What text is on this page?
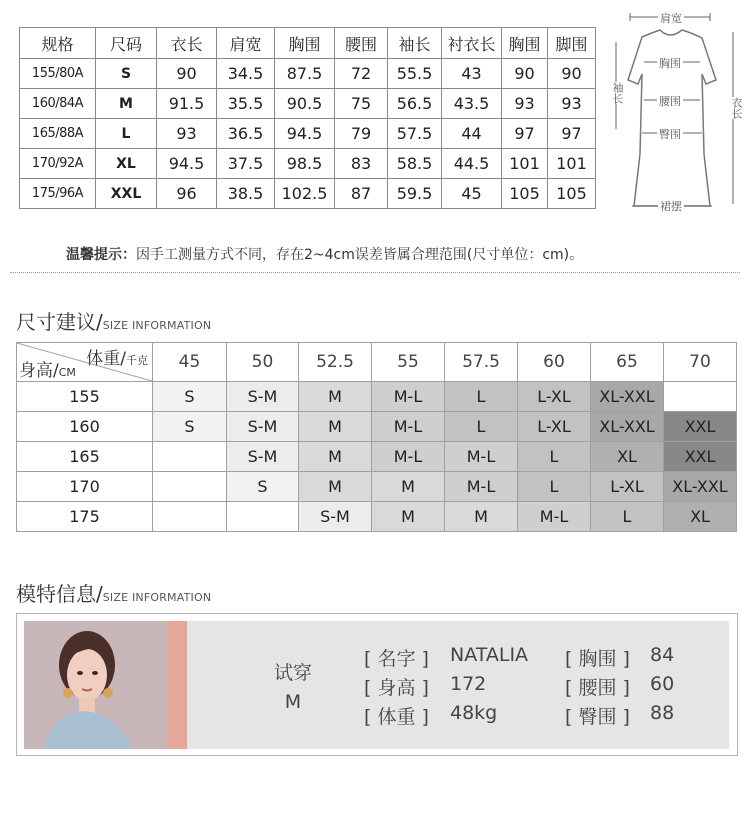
规格	尺码	衣长	肩宽	胸围	腰围	袖长	衬衣长	胸围	脚围
155/80A	S	90	34.5	87.5	72	55.5	43	90	90
160/84A	M	91.5	35.5	90.5	75	56.5	43.5	93	93
165/88A	L	93	36.5	94.5	79	57.5	44	97	97
170/92A	XL	94.5	37.5	98.5	83	58.5	44.5	101	101
175/96A	XXL	96	38.5	102.5	87	59.5	45	105	105
肩宽
胸围
腰围
臀围
袖长
衣长
裙摆
温馨提示：因手工测量方式不同，存在2~4cm误差皆属合理范围(尺寸单位：cm)。
尺寸建议/SIZE INFORMATION
体重/千克
身高/CM	45	50	52.5	55	57.5	60	65	70
155	S	S-M	M	M-L	L	L-XL	XL-XXL	
160	S	S-M	M	M-L	L	L-XL	XL-XXL	XXL
165		S-M	M	M-L	M-L	L	XL	XXL
170		S	M	M	M-L	L	L-XL	XL-XXL
175			S-M	M	M	M-L	L	XL
模特信息/SIZE INFORMATION
试穿
M
[ 名字 ] NATALIA
[ 身高 ] 172
[ 体重 ] 48kg
[ 胸围 ] 84
[ 腰围 ] 60
[ 臀围 ] 88
